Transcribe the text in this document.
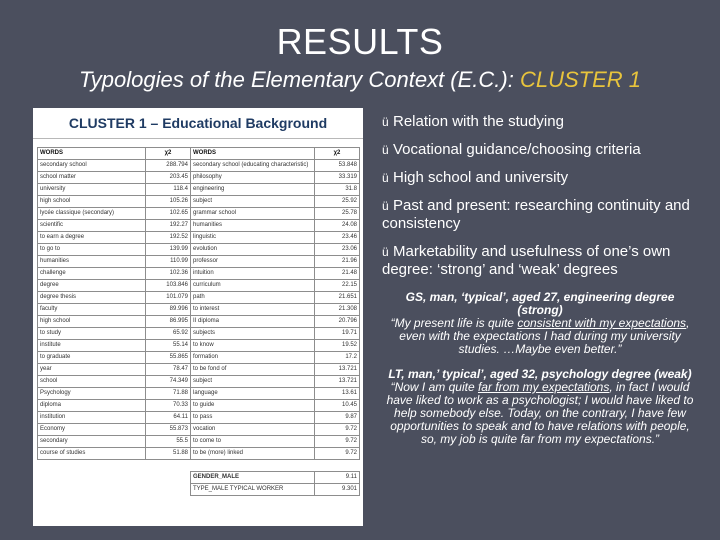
RESULTS
Typologies of the Elementary Context (E.C.): CLUSTER 1
CLUSTER 1 – Educational Background
WORDS	χ2	WORDS	χ2
secondary school	288.794	secondary school (educating characteristic)	53.848
school matter	203.45	philosophy	33.319
university	118.4	engineering	31.8
high school	105.26	subject	25.92
lycée classique (secondary)	102.65	grammar school	25.78
scientific	192.27	humanities	24.08
to earn a degree	192.52	linguistic	23.46
to go to	139.99	evolution	23.06
humanities	110.99	professor	21.96
challenge	102.36	intuition	21.48
degree	103.846	curriculum	22.15
degree thesis	101.079	path	21.651
faculty	89.996	to interest	21.308
high school	86.995	II diploma	20.796
to study	65.92	subjects	19.71
institute	55.14	to know	19.52
to graduate	55.865	formation	17.2
year	78.47	to be fond of	13.721
school	74.349	subject	13.721
Psychology	71.88	language	13.61
diploma	70.33	to guide	10.45
institution	64.11	to pass	9.87
Economy	55.873	vocation	9.72
secondary	55.5	to come to	9.72
course of studies	51.88	to be (more) linked	9.72

		GENDER_MALE	9.11
		TYPE_MALE TYPICAL WORKER	9.301
ü Relation with the studying
ü Vocational guidance/choosing criteria
ü High school and university
ü Past and present: researching continuity and consistency
ü Marketability and usefulness of one’s own degree: ‘strong’ and ‘weak’ degrees
GS, man, ‘typical’, aged 27, engineering degree (strong)
“My present life is quite consistent with my expectations, even with the expectations I had during my university studies. …Maybe even better.”
LT, man,’ typical’, aged 32, psychology degree (weak)
“Now I am quite far from my expectations, in fact I would have liked to work as a psychologist; I would have liked to help somebody else. Today, on the contrary, I have few opportunities to speak and to have relations with people, so, my job is quite far from my expectations.”
